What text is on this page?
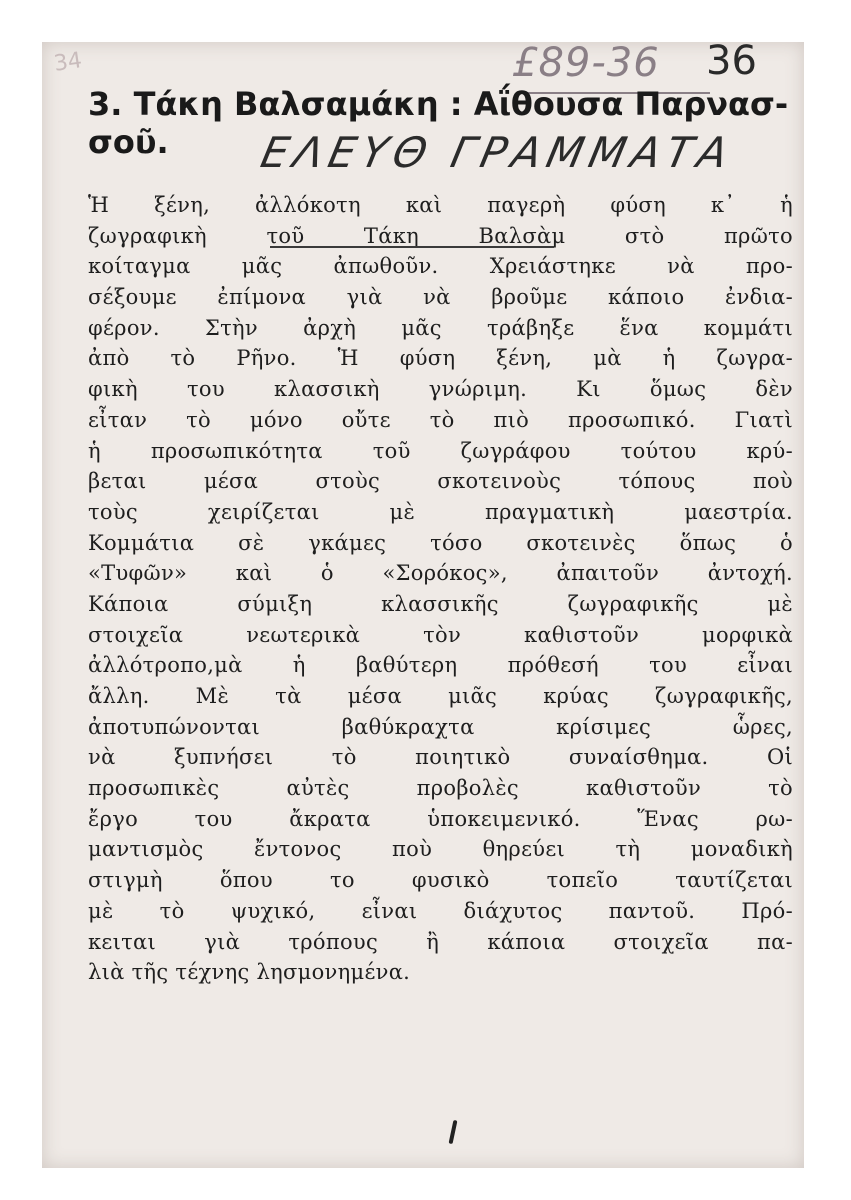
34	£89-36 36
3. Τάκη Βαλσαμάκη : Αΐθουσα Παρνασ-
σοῦ.	ΕΛΕΥΘ ΓΡΑΜΜΑΤΑ
Ἡ ξένη, ἀλλόκοτη καὶ παγερὴ φύση κ᾿ ἡ
ζωγραφικὴ τοῦ Τάκη Βαλσὰμ στὸ πρῶτο
κοίταγμα μᾶς ἀπωθοῦν. Χρειάστηκε νὰ προ-
σέξουμε ἐπίμονα γιὰ νὰ βροῦμε κάποιο ἐνδια-
φέρον. Στὴν ἀρχὴ μᾶς τράβηξε ἕνα κομμάτι
ἀπὸ τὸ Ρῆνο. Ἡ φύση ξένη, μὰ ἡ ζωγρα-
φικὴ του κλασσικὴ γνώριμη. Κι ὅμως δὲν
εἶταν τὸ μόνο οὔτε τὸ πιὸ προσωπικό. Γιατὶ
ἡ προσωπικότητα τοῦ ζωγράφου τούτου κρύ-
βεται μέσα στοὺς σκοτεινοὺς τόπους ποὺ
τοὺς χειρίζεται μὲ πραγματικὴ μαεστρία.
Κομμάτια σὲ γκάμες τόσο σκοτεινὲς ὅπως ὁ
«Τυφῶν» καὶ ὁ «Σορόκος», ἀπαιτοῦν ἀντοχή.
Κάποια σύμιξη κλασσικῆς ζωγραφικῆς μὲ
στοιχεῖα νεωτερικὰ τὸν καθιστοῦν μορφικὰ
ἀλλότροπο,μὰ ἡ βαθύτερη πρόθεσή του εἶναι
ἄλλη. Μὲ τὰ μέσα μιᾶς κρύας ζωγραφικῆς,
ἀποτυπώνονται βαθύκραχτα κρίσιμες ὧρες,
νὰ ξυπνήσει τὸ ποιητικὸ συναίσθημα. Οἱ
προσωπικὲς αὐτὲς προβολὲς καθιστοῦν τὸ
ἔργο του ἄκρατα ὑποκειμενικό. Ἕνας ρω-
μαντισμὸς ἔντονος ποὺ θηρεύει τὴ μοναδικὴ
στιγμὴ ὅπου το φυσικὸ τοπεῖο ταυτίζεται
μὲ τὸ ψυχικό, εἶναι διάχυτος παντοῦ. Πρό-
κειται γιὰ τρόπους ἢ κάποια στοιχεῖα πα-
λιὰ τῆς τέχνης λησμονημένα.
